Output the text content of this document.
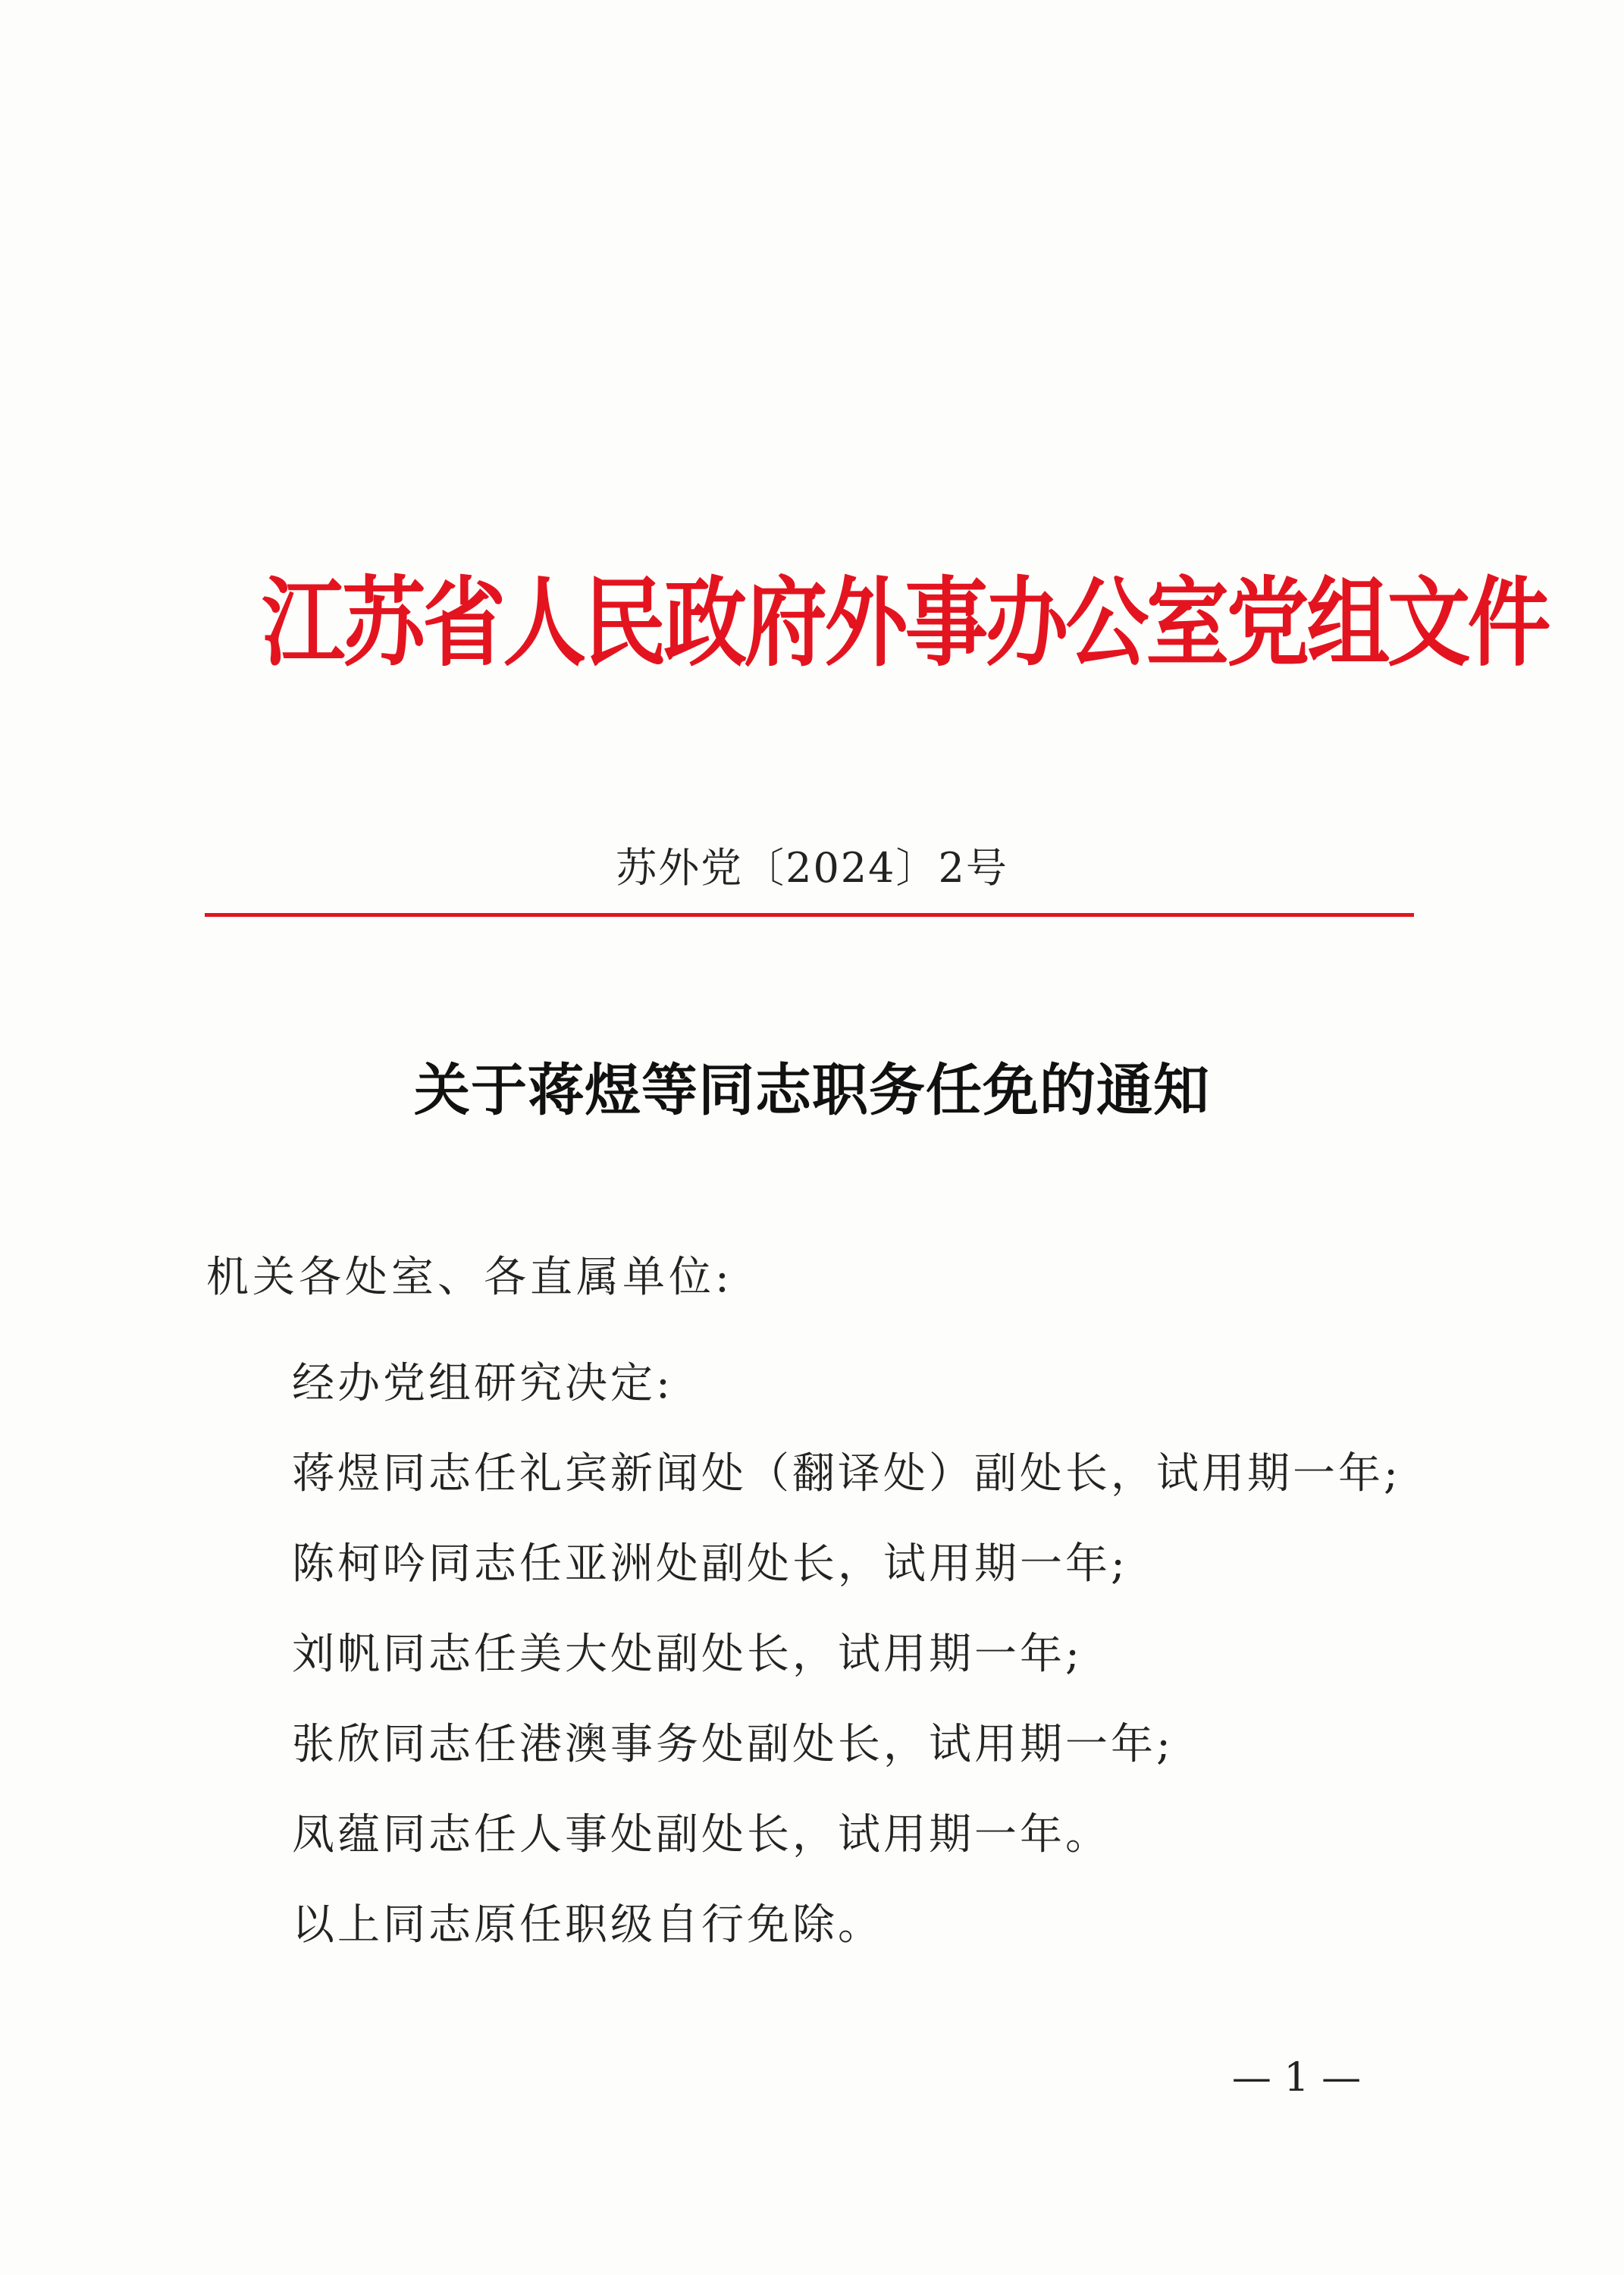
江苏省人民政府外事办公室党组文件
苏外党〔2024〕2号
关于蒋煜等同志职务任免的通知
机关各处室、各直属单位:
经办党组研究决定:
蒋煜同志任礼宾新闻处（翻译处）副处长，试用期一年;
陈柯吟同志任亚洲处副处长，试用期一年;
刘帆同志任美大处副处长，试用期一年;
张欣同志任港澳事务处副处长，试用期一年;
凤蕴同志任人事处副处长，试用期一年。
以上同志原任职级自行免除。
— 1 —
